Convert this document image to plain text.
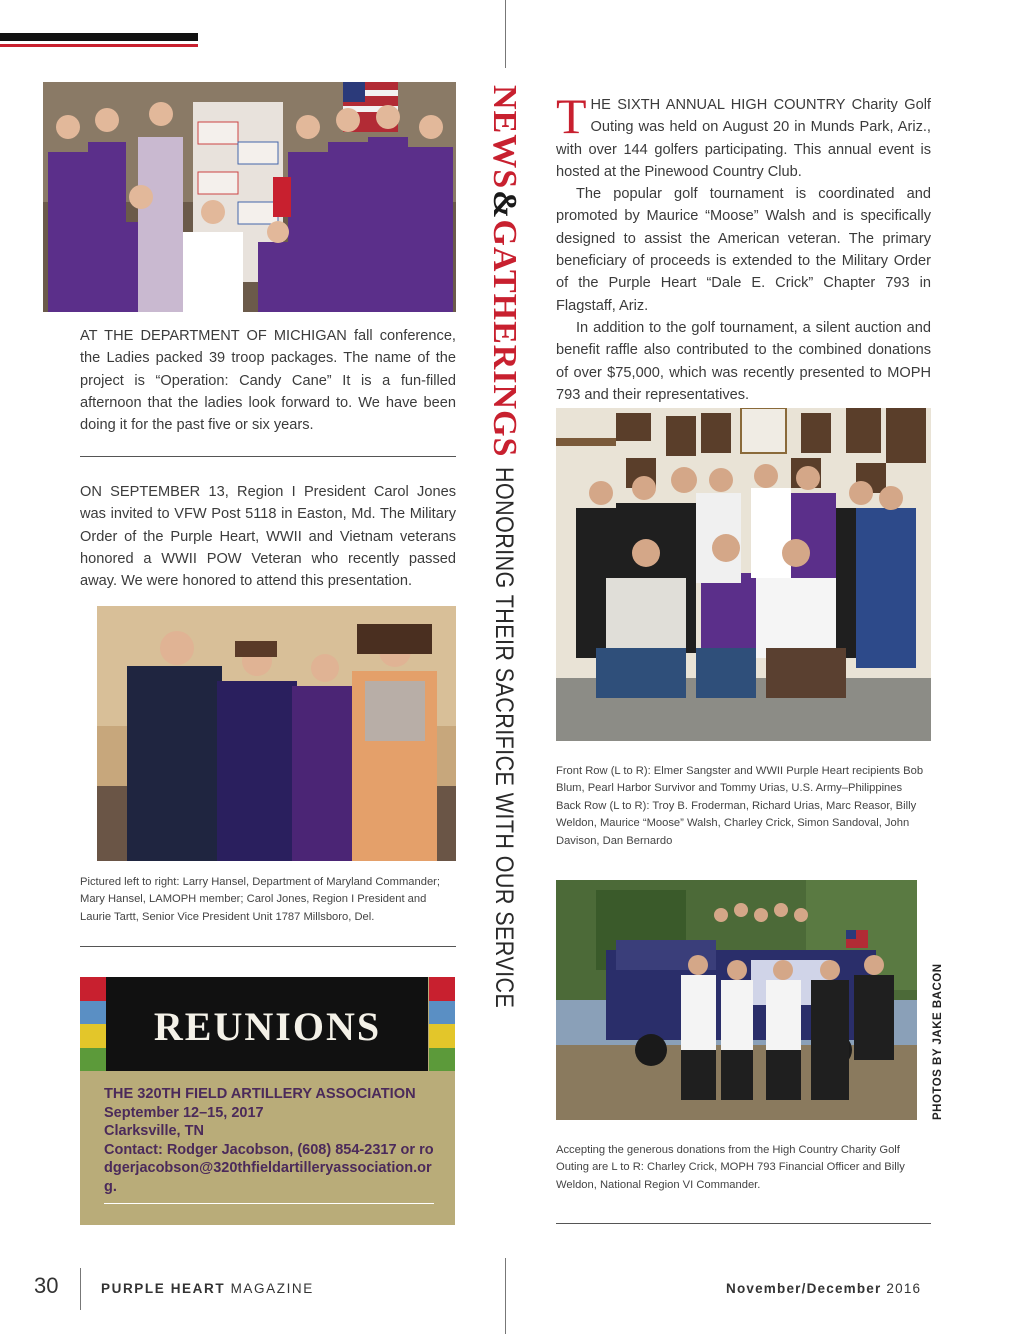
AT THE DEPARTMENT OF MICHIGAN fall conference, the Ladies packed 39 troop packages. The name of the project is “Operation: Candy Cane” It is a fun-filled afternoon that the ladies look forward to. We have been doing it for the past five or six years.
ON SEPTEMBER 13, Region I President Carol Jones was invited to VFW Post 5118 in Easton, Md. The Military Order of the Purple Heart, WWII and Vietnam veterans honored a WWII POW Veteran who recently passed away. We were honored to attend this presentation.
Pictured left to right: Larry Hansel, Department of Maryland Commander; Mary Hansel, LAMOPH member; Carol Jones, Region I President and Laurie Tartt, Senior Vice President Unit 1787 Millsboro, Del.
REUNIONS
THE 320TH FIELD ARTILLERY ASSOCIATION
September 12–15, 2017
Clarksville, TN
Contact: Rodger Jacobson, (608) 854-2317 or rodgerjacobson@320thfieldartilleryassociation.org.
NEWS
&
GATHERINGS
HONORING THEIR SACRIFICE WITH OUR SERVICE

THE SIXTH ANNUAL HIGH COUNTRY Charity Golf Outing was held on August 20 in Munds Park, Ariz., with over 144 golfers participating. This annual event is hosted at the Pinewood Country Club.

The popular golf tournament is coordinated and promoted by Maurice “Moose” Walsh and is specifically designed to assist the American veteran. The primary beneficiary of proceeds is extended to the Military Order of the Purple Heart “Dale E. Crick” Chapter 793 in Flagstaff, Ariz.

In addition to the golf tournament, a silent auction and benefit raffle also contributed to the combined donations of over $75,000, which was recently presented to MOPH 793 and their representatives.

Front Row (L to R): Elmer Sangster and WWII Purple Heart recipients Bob Blum, Pearl Harbor Survivor and Tommy Urias, U.S. Army–Philippines
Back Row (L to R): Troy B. Froderman, Richard Urias, Marc Reasor, Billy Weldon, Maurice “Moose” Walsh, Charley Crick, Simon Sandoval, John Davison, Dan Bernardo
PHOTOS BY JAKE BACON
Accepting the generous donations from the High Country Charity Golf Outing are L to R: Charley Crick, MOPH 793 Financial Officer and Billy Weldon, National Region VI Commander.
30	PURPLE HEART MAGAZINE	November/December 2016
